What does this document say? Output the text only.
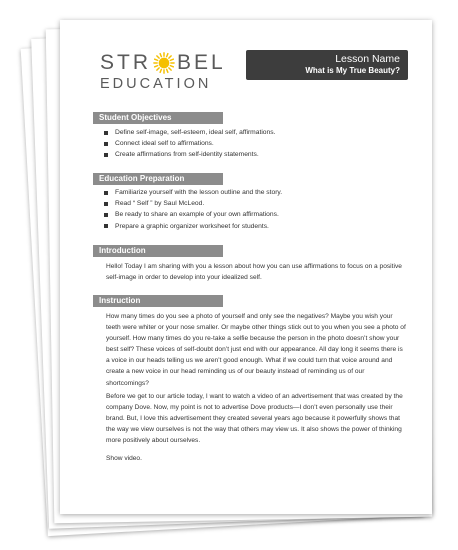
STR BEL
EDUCATION
Lesson Name
What is My True Beauty?
Student Objectives
Define self-image, self-esteem, ideal self, affirmations.
Connect ideal self to affirmations.
Create affirmations from self-identity statements.
Education Preparation
Familiarize yourself with the lesson outline and the story.
Read “ Self ” by Saul McLeod.
Be ready to share an example of your own affirmations.
Prepare a graphic organizer worksheet for students.
Introduction

Hello! Today I am sharing with you a lesson about how you can use affirmations to focus on a positive self-image in order to develop into your idealized self.

Instruction

How many times do you see a photo of yourself and only see the negatives? Maybe you wish your teeth were whiter or your nose smaller. Or maybe other things stick out to you when you see a photo of yourself. How many times do you re-take a selfie because the person in the photo doesn’t show your best self? These voices of self-doubt don’t just end with our appearance. All day long it seems there is a voice in our heads telling us we aren’t good enough. What if we could turn that voice around and create a new voice in our head reminding us of our beauty instead of reminding us of our shortcomings?

Before we get to our article today, I want to watch a video of an advertisement that was created by the company Dove. Now, my point is not to advertise Dove products—I don’t even personally use their brand. But, I love this advertisement they created several years ago because it powerfully shows that the way we view ourselves is not the way that others may view us. It also shows the power of thinking more positively about ourselves.

Show video.
